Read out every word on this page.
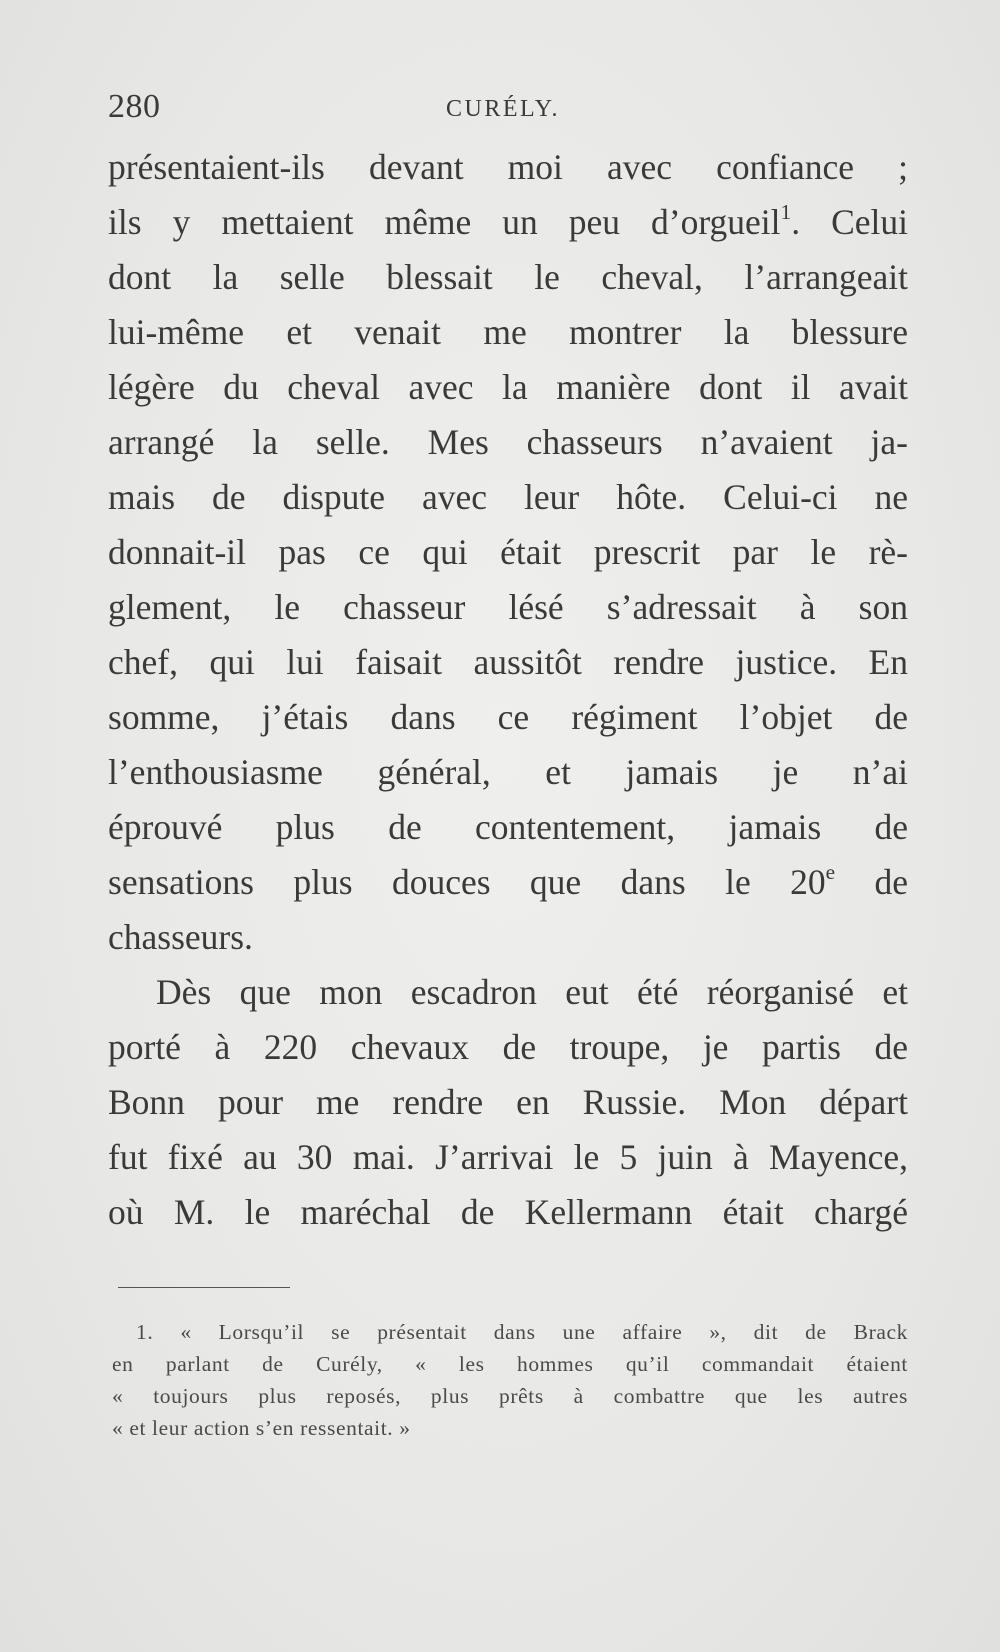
280	CURÉLY.
présentaient-ils devant moi avec confiance ;
ils y mettaient même un peu d’orgueil$^1$. Celui
dont la selle blessait le cheval, l’arrangeait
lui-même et venait me montrer la blessure
légère du cheval avec la manière dont il avait
arrangé la selle. Mes chasseurs n’avaient ja-
mais de dispute avec leur hôte. Celui-ci ne
donnait-il pas ce qui était prescrit par le rè-
glement, le chasseur lésé s’adressait à son
chef, qui lui faisait aussitôt rendre justice. En
somme, j’étais dans ce régiment l’objet de
l’enthousiasme général, et jamais je n’ai
éprouvé plus de contentement, jamais de
sensations plus douces que dans le 20e de
chasseurs.
Dès que mon escadron eut été réorganisé et
porté à 220 chevaux de troupe, je partis de
Bonn pour me rendre en Russie. Mon départ
fut fixé au 30 mai. J’arrivai le 5 juin à Mayence,
où M. le maréchal de Kellermann était chargé
1. « Lorsqu’il se présentait dans une affaire », dit de Brack
en parlant de Curély, « les hommes qu’il commandait étaient
« toujours plus reposés, plus prêts à combattre que les autres
« et leur action s’en ressentait. »
